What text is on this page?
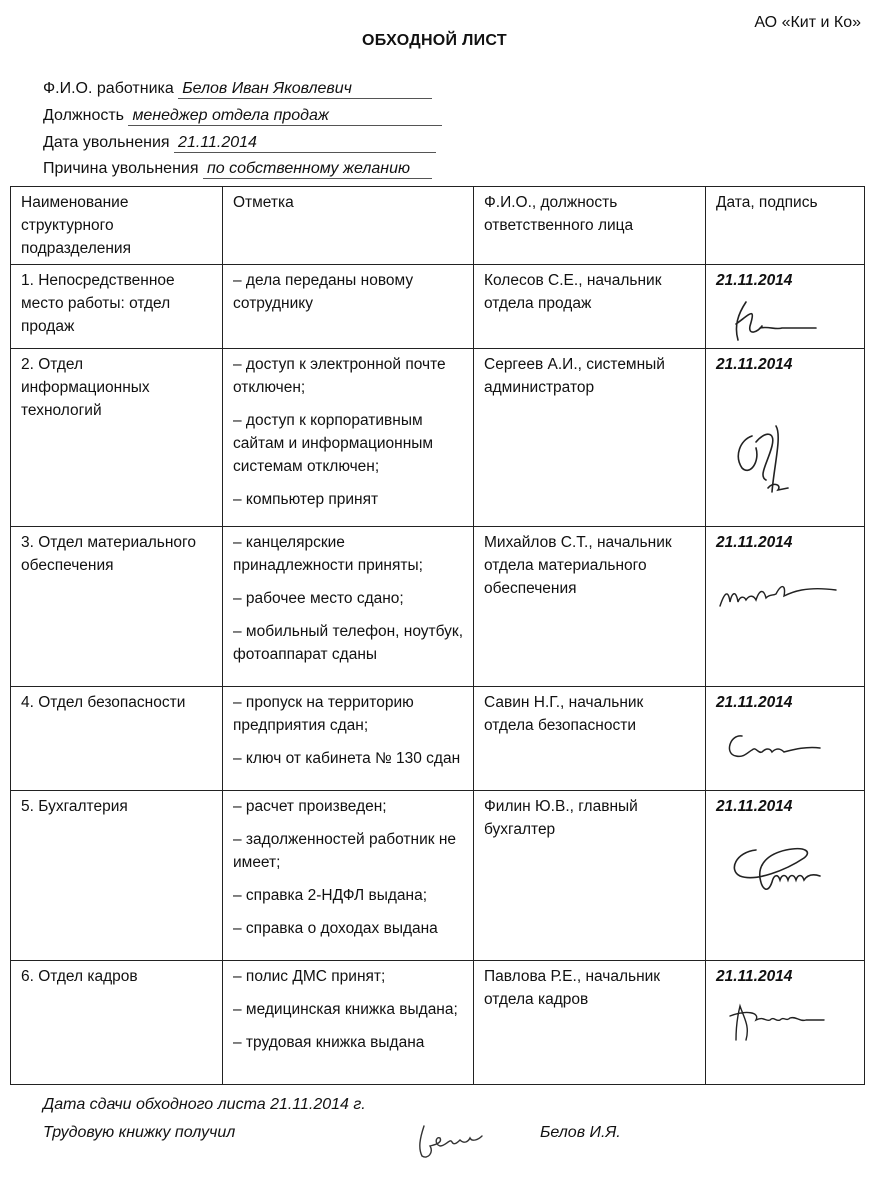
АО «Кит и Ко»
ОБХОДНОЙ ЛИСТ
Ф.И.О. работника Белов Иван Яковлевич
Должность менеджер отдела продаж
Дата увольнения 21.11.2014
Причина увольнения по собственному желанию
Наименование структурного подразделения	Отметка	Ф.И.О., должность ответственного лица	Дата, подпись
1. Непосредственное место работы: отдел продаж	– дела переданы новому сотруднику	Колесов С.Е., начальник отдела продаж	21.11.2014

2. Отдел информационных технологий	– доступ к электронной почте отключен;

– доступ к корпоративным сайтам и информационным системам отключен;

– компьютер принят	Сергеев А.И., системный администратор	21.11.2014

3. Отдел материального обеспечения	– канцелярские принадлежности приняты;

– рабочее место сдано;

– мобильный телефон, ноутбук, фотоаппарат сданы	Михайлов С.Т., начальник отдела материального обеспечения	21.11.2014

4. Отдел безопасности	– пропуск на территорию предприятия сдан;

– ключ от кабинета № 130 сдан	Савин Н.Г., начальник отдела безопасности	21.11.2014

5. Бухгалтерия	– расчет произведен;

– задолженностей работник не имеет;

– справка 2-НДФЛ выдана;

– справка о доходах выдана	Филин Ю.В., главный бухгалтер	21.11.2014

6. Отдел кадров	– полис ДМС принят;

– медицинская книжка выдана;

– трудовая книжка выдана	Павлова Р.Е., начальник отдела кадров	21.11.2014
Дата сдачи обходного листа 21.11.2014 г.
Трудовую книжку получил	Белов И.Я.
